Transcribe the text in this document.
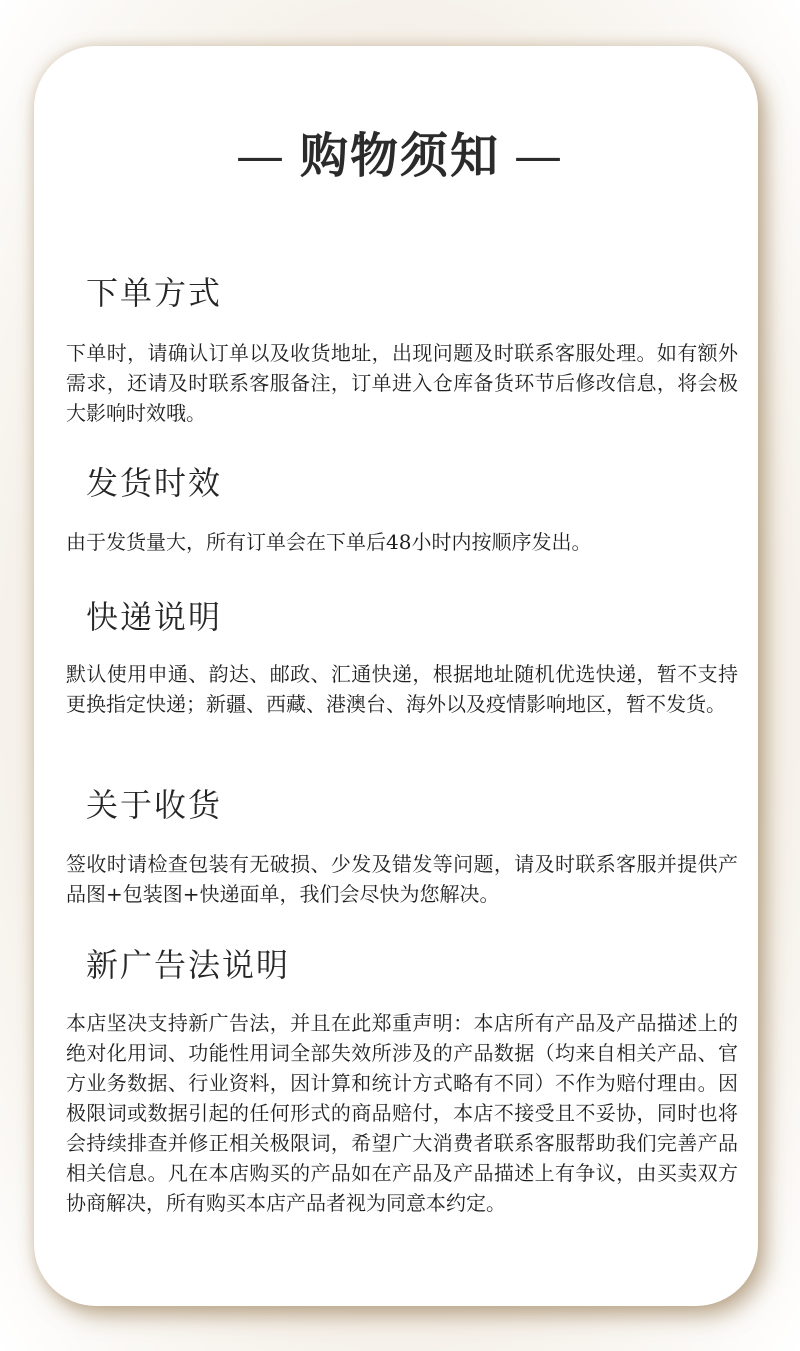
— 购物须知 —
下单方式

下单时，请确认订单以及收货地址，出现问题及时联系客服处理。如有额外需求，还请及时联系客服备注，订单进入仓库备货环节后修改信息，将会极大影响时效哦。

发货时效

由于发货量大，所有订单会在下单后48小时内按顺序发出。

快递说明

默认使用申通、韵达、邮政、汇通快递，根据地址随机优选快递，暂不支持更换指定快递；新疆、西藏、港澳台、海外以及疫情影响地区，暂不发货。

关于收货

签收时请检查包装有无破损、少发及错发等问题，请及时联系客服并提供产品图+包装图+快递面单，我们会尽快为您解决。

新广告法说明

本店坚决支持新广告法，并且在此郑重声明：本店所有产品及产品描述上的绝对化用词、功能性用词全部失效所涉及的产品数据（均来自相关产品、官方业务数据、行业资料，因计算和统计方式略有不同）不作为赔付理由。因极限词或数据引起的任何形式的商品赔付，本店不接受且不妥协，同时也将会持续排查并修正相关极限词，希望广大消费者联系客服帮助我们完善产品相关信息。凡在本店购买的产品如在产品及产品描述上有争议，由买卖双方协商解决，所有购买本店产品者视为同意本约定。
